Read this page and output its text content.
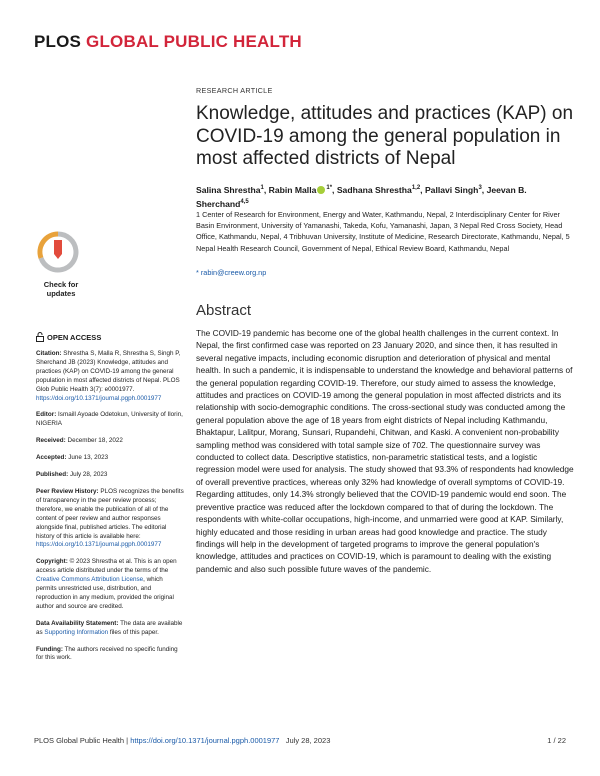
PLOS GLOBAL PUBLIC HEALTH
RESEARCH ARTICLE
Knowledge, attitudes and practices (KAP) on COVID-19 among the general population in most affected districts of Nepal
Salina Shrestha$^1$, Rabin Malla $^{1*}$, Sadhana Shrestha$^{1,2}$, Pallavi Singh$^3$, Jeevan B. Sherchand$^{4,5}$
1 Center of Research for Environment, Energy and Water, Kathmandu, Nepal, 2 Interdisciplinary Center for River Basin Environment, University of Yamanashi, Takeda, Kofu, Yamanashi, Japan, 3 Nepal Red Cross Society, Head Office, Kathmandu, Nepal, 4 Tribhuvan University, Institute of Medicine, Research Directorate, Kathmandu, Nepal, 5 Nepal Health Research Council, Government of Nepal, Ethical Review Board, Kathmandu, Nepal
* rabin@creew.org.np
Abstract
The COVID-19 pandemic has become one of the global health challenges in the current context. In Nepal, the first confirmed case was reported on 23 January 2020, and since then, it has resulted in several negative impacts, including economic disruption and deterioration of physical and mental health. In such a pandemic, it is indispensable to understand the knowledge and behavioral patterns of the general population regarding COVID-19. Therefore, our study aimed to assess the knowledge, attitudes and practices on COVID-19 among the general population in most affected districts and its relationship with socio-demographic conditions. The cross-sectional study was conducted among the general population above the age of 18 years from eight districts of Nepal including Kathmandu, Bhaktapur, Lalitpur, Morang, Sunsari, Rupandehi, Chitwan, and Kaski. A convenient non-probability sampling method was considered with total sample size of 702. The questionnaire survey was conducted to collect data. Descriptive statistics, non-parametric statistical tests, and a logistic regression model were used for analysis. The study showed that 93.3% of respondents had knowledge of overall preventive practices, whereas only 32% had knowledge of overall symptoms of COVID-19. Regarding attitudes, only 14.3% strongly believed that the COVID-19 pandemic would end soon. The preventive practice was reduced after the lockdown compared to that of during the lockdown. The respondents with white-collar occupations, high-income, and unmarried were good at KAP. Similarly, highly educated and those residing in urban areas had good knowledge and practice. The study findings will help in the development of targeted programs to improve the general population's knowledge, attitudes and practices on COVID-19, which is paramount to dealing with the existing pandemic and also such possible future waves of the pandemic.
Check for
updates
OPEN ACCESS

Citation: Shrestha S, Malla R, Shrestha S, Singh P, Sherchand JB (2023) Knowledge, attitudes and practices (KAP) on COVID-19 among the general population in most affected districts of Nepal. PLOS Glob Public Health 3(7): e0001977. https://doi.org/10.1371/journal.pgph.0001977

Editor: Ismaill Ayoade Odetokun, University of Ilorin, NIGERIA

Received: December 18, 2022

Accepted: June 13, 2023

Published: July 28, 2023

Peer Review History: PLOS recognizes the benefits of transparency in the peer review process; therefore, we enable the publication of all of the content of peer review and author responses alongside final, published articles. The editorial history of this article is available here: https://doi.org/10.1371/journal.pgph.0001977

Copyright: © 2023 Shrestha et al. This is an open access article distributed under the terms of the Creative Commons Attribution License, which permits unrestricted use, distribution, and reproduction in any medium, provided the original author and source are credited.

Data Availability Statement: The data are available as Supporting Information files of this paper.

Funding: The authors received no specific funding for this work.

PLOS Global Public Health | https://doi.org/10.1371/journal.pgph.0001977 July 28, 2023	1 / 22
